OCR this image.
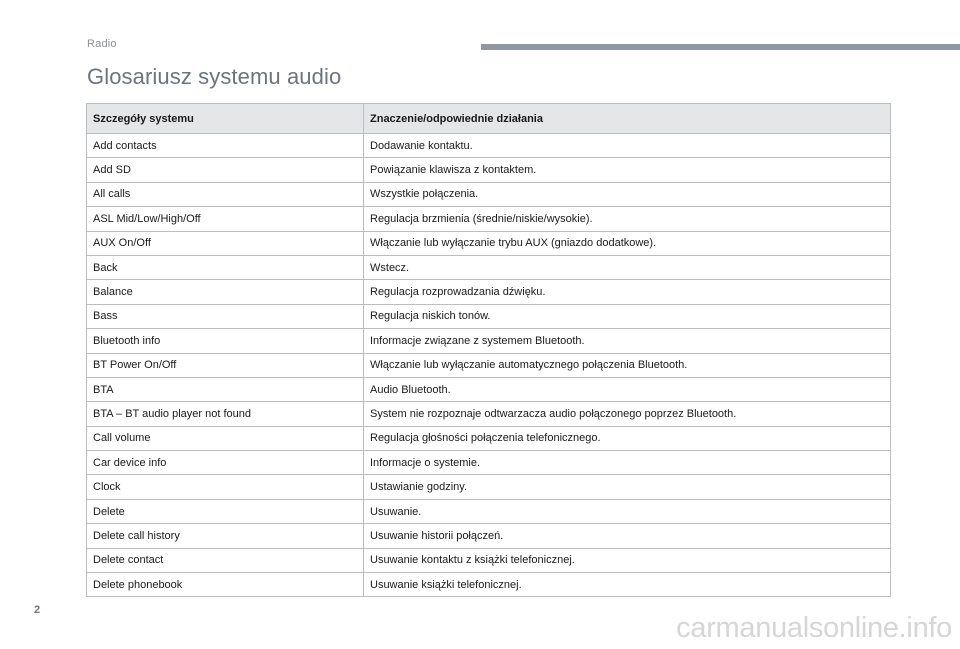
Radio
Glosariusz systemu audio
Szczegóły systemu	Znaczenie/odpowiednie działania
Add contacts	Dodawanie kontaktu.
Add SD	Powiązanie klawisza z kontaktem.
All calls	Wszystkie połączenia.
ASL Mid/Low/High/Off	Regulacja brzmienia (średnie/niskie/wysokie).
AUX On/Off	Włączanie lub wyłączanie trybu AUX (gniazdo dodatkowe).
Back	Wstecz.
Balance	Regulacja rozprowadzania dźwięku.
Bass	Regulacja niskich tonów.
Bluetooth info	Informacje związane z systemem Bluetooth.
BT Power On/Off	Włączanie lub wyłączanie automatycznego połączenia Bluetooth.
BTA	Audio Bluetooth.
BTA – BT audio player not found	System nie rozpoznaje odtwarzacza audio połączonego poprzez Bluetooth.
Call volume	Regulacja głośności połączenia telefonicznego.
Car device info	Informacje o systemie.
Clock	Ustawianie godziny.
Delete	Usuwanie.
Delete call history	Usuwanie historii połączeń.
Delete contact	Usuwanie kontaktu z książki telefonicznej.
Delete phonebook	Usuwanie książki telefonicznej.
2
carmanualsonline.info
